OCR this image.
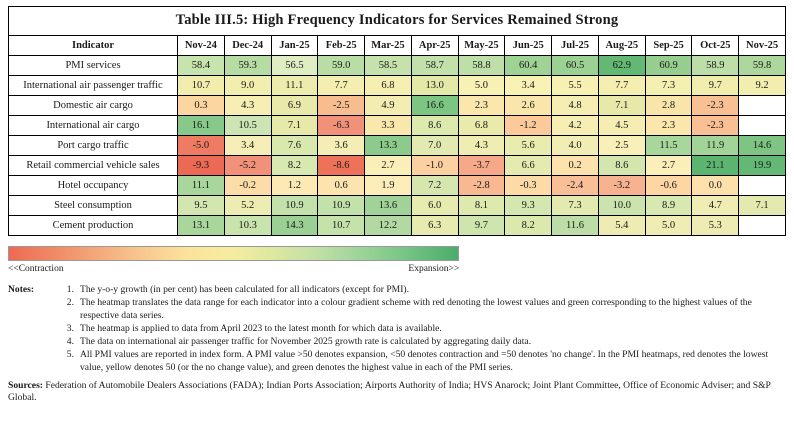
Table III.5: High Frequency Indicators for Services Remained Strong
Indicator	Nov-24	Dec-24	Jan-25	Feb-25	Mar-25	Apr-25	May-25	Jun-25	Jul-25	Aug-25	Sep-25	Oct-25	Nov-25
PMI services	58.4	59.3	56.5	59.0	58.5	58.7	58.8	60.4	60.5	62.9	60.9	58.9	59.8
International air passenger traffic	10.7	9.0	11.1	7.7	6.8	13.0	5.0	3.4	5.5	7.7	7.3	9.7	9.2
Domestic air cargo	0.3	4.3	6.9	-2.5	4.9	16.6	2.3	2.6	4.8	7.1	2.8	-2.3	
International air cargo	16.1	10.5	7.1	-6.3	3.3	8.6	6.8	-1.2	4.2	4.5	2.3	-2.3	
Port cargo traffic	-5.0	3.4	7.6	3.6	13.3	7.0	4.3	5.6	4.0	2.5	11.5	11.9	14.6
Retail commercial vehicle sales	-9.3	-5.2	8.2	-8.6	2.7	-1.0	-3.7	6.6	0.2	8.6	2.7	21.1	19.9
Hotel occupancy	11.1	-0.2	1.2	0.6	1.9	7.2	-2.8	-0.3	-2.4	-3.2	-0.6	0.0	
Steel consumption	9.5	5.2	10.9	10.9	13.6	6.0	8.1	9.3	7.3	10.0	8.9	4.7	7.1
Cement production	13.1	10.3	14.3	10.7	12.2	6.3	9.7	8.2	11.6	5.4	5.0	5.3	
<<Contraction	Expansion>>
Notes:	1. The y-o-y growth (in per cent) has been calculated for all indicators (except for PMI).
2. The heatmap translates the data range for each indicator into a colour gradient scheme with red denoting the lowest values and green corresponding to the highest values of the respective data series.
3. The heatmap is applied to data from April 2023 to the latest month for which data is available.
4. The data on international air passenger traffic for November 2025 growth rate is calculated by aggregating daily data.
5. All PMI values are reported in index form. A PMI value >50 denotes expansion, <50 denotes contraction and =50 denotes 'no change'. In the PMI heatmaps, red denotes the lowest value, yellow denotes 50 (or the no change value), and green denotes the highest value in each of the PMI series.
Sources: Federation of Automobile Dealers Associations (FADA); Indian Ports Association; Airports Authority of India; HVS Anarock; Joint Plant Committee, Office of Economic Adviser; and S&P Global.
